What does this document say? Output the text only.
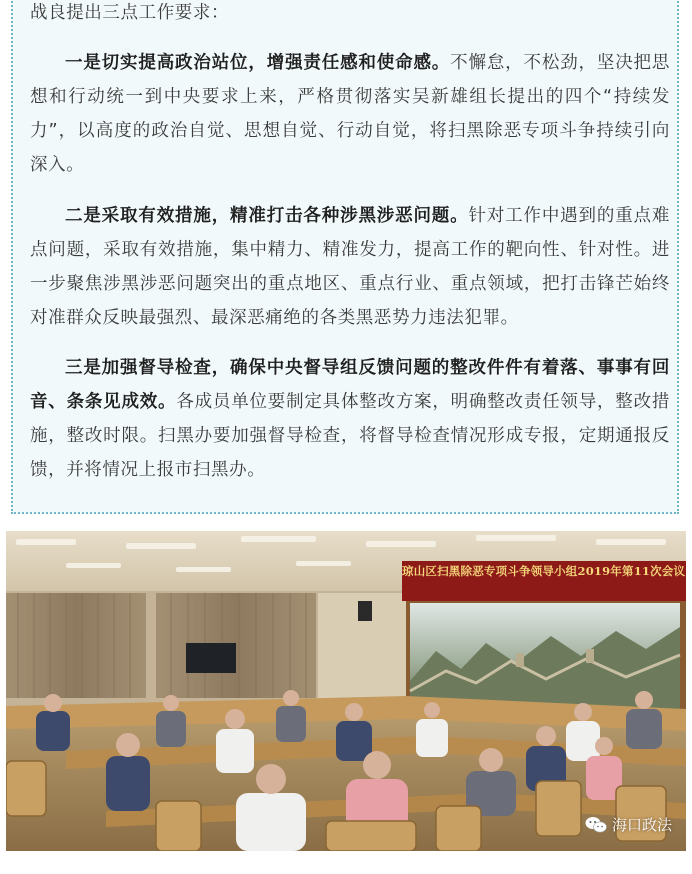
战良提出三点工作要求：

一是切实提高政治站位，增强责任感和使命感。不懈怠，不松劲，坚决把思想和行动统一到中央要求上来，严格贯彻落实吴新雄组长提出的四个“持续发力”，以高度的政治自觉、思想自觉、行动自觉，将扫黑除恶专项斗争持续引向深入。

二是采取有效措施，精准打击各种涉黑涉恶问题。针对工作中遇到的重点难点问题，采取有效措施，集中精力、精准发力，提高工作的靶向性、针对性。进一步聚焦涉黑涉恶问题突出的重点地区、重点行业、重点领域，把打击锋芒始终对准群众反映最强烈、最深恶痛绝的各类黑恶势力违法犯罪。

三是加强督导检查，确保中央督导组反馈问题的整改件件有着落、事事有回音、条条见成效。各成员单位要制定具体整改方案，明确整改责任领导，整改措施，整改时限。扫黑办要加强督导检查，将督导检查情况形成专报，定期通报反馈，并将情况上报市扫黑办。

海口政法
琼山区扫黑除恶专项斗争领导小组2019年第11次会议
